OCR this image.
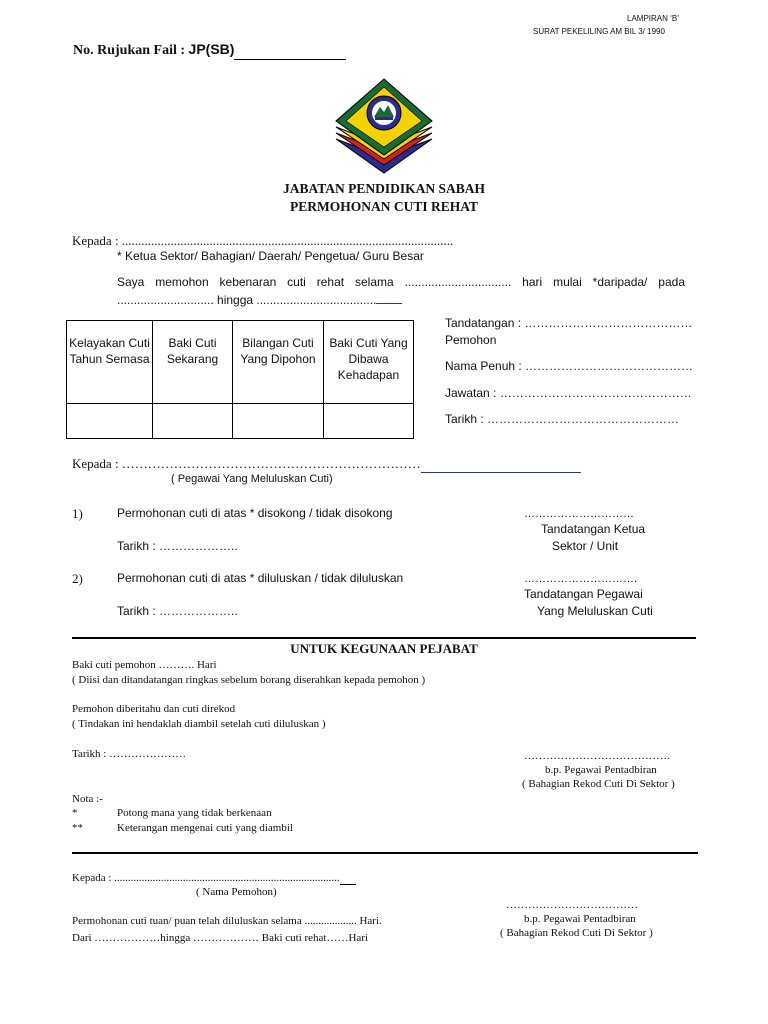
LAMPIRAN ‘B’
SURAT PEKELILING AM BIL 3/ 1990
No. Rujukan Fail : JP(SB)
JABATAN PENDIDIKAN SABAH
PERMOHONAN CUTI REHAT
Kepada : ......................................................................................................
* Ketua Sektor/ Bahagian/ Daerah/ Pengetua/ Guru Besar
Saya memohon kebenaran cuti rehat selama ................................ hari mulai *daripada/ pada
............................. hingga ....................................
Kelayakan Cuti Tahun Semasa	Baki Cuti Sekarang	Bilangan Cuti Yang Dipohon	Baki Cuti Yang Dibawa Kehadapan

Tandatangan : ……………………………………
Pemohon
Nama Penuh : ……………………………………
Jawatan : …………………………………………
Tarikh : …………………………………………
Kepada : ……………………………………………………………
( Pegawai Yang Meluluskan Cuti)
1)	Permohonan cuti di atas * disokong / tidak disokong
Tarikh : ………………..
…………………………
Tandatangan Ketua
Sektor / Unit
2)	Permohonan cuti di atas * diluluskan / tidak diluluskan
Tarikh : ………………..
………………………….
Tandatangan Pegawai
Yang Meluluskan Cuti
UNTUK KEGUNAAN PEJABAT
Baki cuti pemohon ………. Hari
( Diisi dan ditandatangan ringkas sebelum borang diserahkan kepada pemohon )
Pemohon diberitahu dan cuti direkod
( Tindakan ini hendaklah diambil setelah cuti diluluskan )
Tarikh : …………………	………………………………….
b.p. Pegawai Pentadbiran
( Bahagian Rekod Cuti Di Sektor )
Nota :-
*	Potong mana yang tidak berkenaan
**	Keterangan mengenai cuti yang diambil
Kepada : ..................................................................................
( Nama Pemohon)
Permohonan cuti tuan/ puan telah diluluskan selama ................... Hari.
Dari ………………hingga ……………… Baki cuti rehat……Hari
………………………………
b.p. Pegawai Pentadbiran
( Bahagian Rekod Cuti Di Sektor )
